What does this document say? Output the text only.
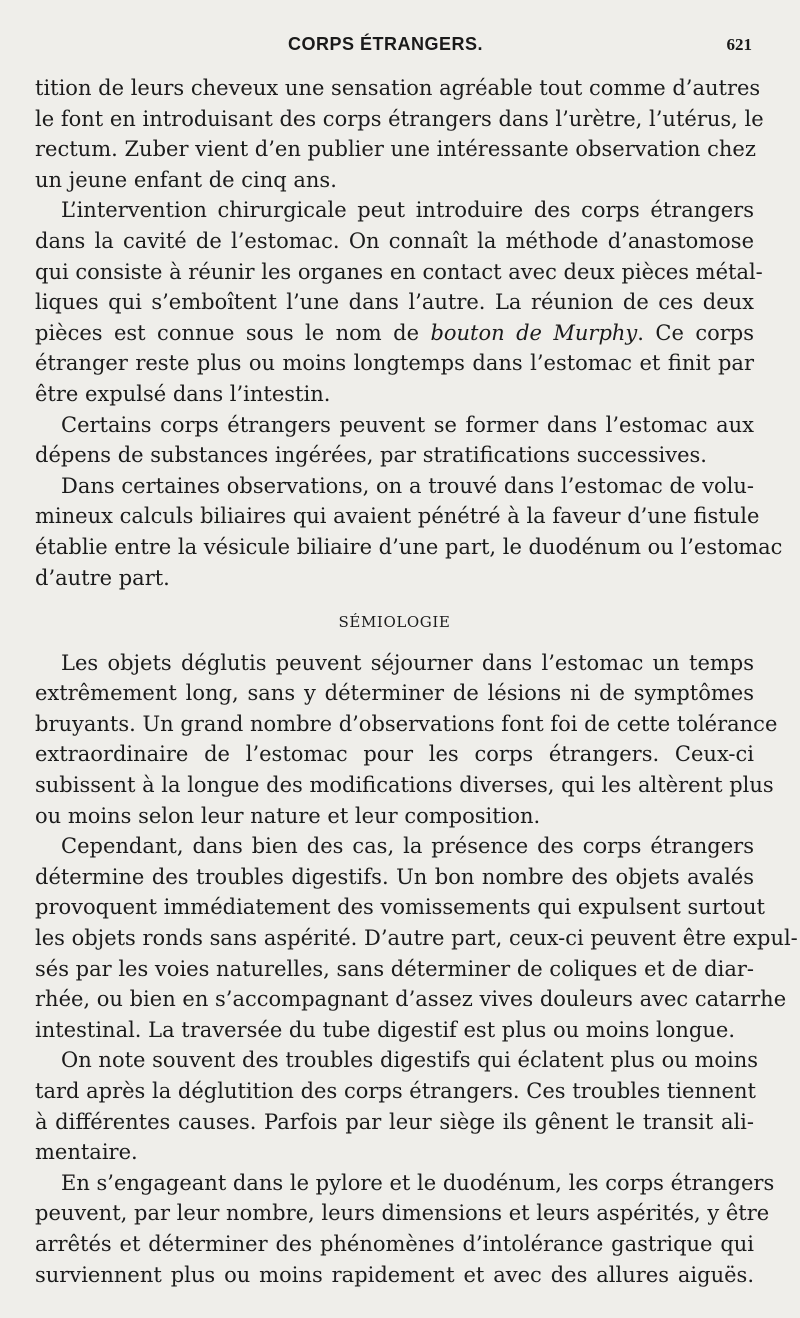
CORPS ÉTRANGERS.	621
tition de leurs cheveux une sensation agréable tout comme d’autres
le font en introduisant des corps étrangers dans l’urètre, l’utérus, le
rectum. Zuber vient d’en publier une intéressante observation chez
un jeune enfant de cinq ans.
L’intervention chirurgicale peut introduire des corps étrangers
dans la cavité de l’estomac. On connaît la méthode d’anastomose
qui consiste à réunir les organes en contact avec deux pièces métal-
liques qui s’emboîtent l’une dans l’autre. La réunion de ces deux
pièces est connue sous le nom de bouton de Murphy. Ce corps
étranger reste plus ou moins longtemps dans l’estomac et finit par
être expulsé dans l’intestin.
Certains corps étrangers peuvent se former dans l’estomac aux
dépens de substances ingérées, par stratifications successives.
Dans certaines observations, on a trouvé dans l’estomac de volu-
mineux calculs biliaires qui avaient pénétré à la faveur d’une fistule
établie entre la vésicule biliaire d’une part, le duodénum ou l’estomac
d’autre part.
SÉMIOLOGIE
Les objets déglutis peuvent séjourner dans l’estomac un temps
extrêmement long, sans y déterminer de lésions ni de symptômes
bruyants. Un grand nombre d’observations font foi de cette tolérance
extraordinaire de l’estomac pour les corps étrangers. Ceux-ci
subissent à la longue des modifications diverses, qui les altèrent plus
ou moins selon leur nature et leur composition.
Cependant, dans bien des cas, la présence des corps étrangers
détermine des troubles digestifs. Un bon nombre des objets avalés
provoquent immédiatement des vomissements qui expulsent surtout
les objets ronds sans aspérité. D’autre part, ceux-ci peuvent être expul-
sés par les voies naturelles, sans déterminer de coliques et de diar-
rhée, ou bien en s’accompagnant d’assez vives douleurs avec catarrhe
intestinal. La traversée du tube digestif est plus ou moins longue.
On note souvent des troubles digestifs qui éclatent plus ou moins
tard après la déglutition des corps étrangers. Ces troubles tiennent
à différentes causes. Parfois par leur siège ils gênent le transit ali-
mentaire.
En s’engageant dans le pylore et le duodénum, les corps étrangers
peuvent, par leur nombre, leurs dimensions et leurs aspérités, y être
arrêtés et déterminer des phénomènes d’intolérance gastrique qui
surviennent plus ou moins rapidement et avec des allures aiguës.
